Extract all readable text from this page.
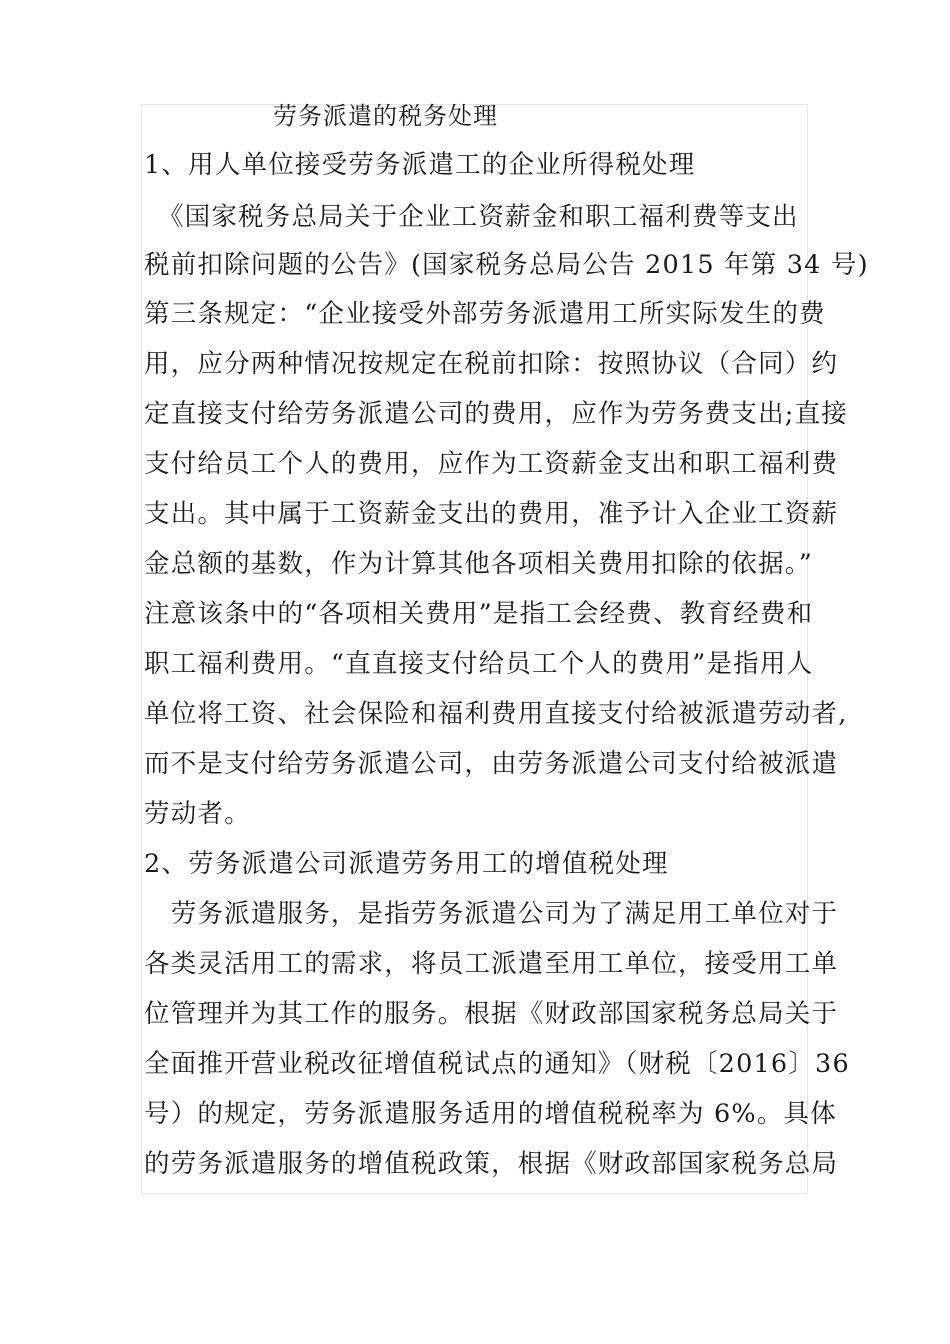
劳务派遣的税务处理
1、用人单位接受劳务派遣工的企业所得税处理
　《国家税务总局关于企业工资薪金和职工福利费等支出
税前扣除问题的公告》(国家税务总局公告 2015 年第 34 号)
第三条规定：“企业接受外部劳务派遣用工所实际发生的费
用，应分两种情况按规定在税前扣除：按照协议（合同）约
定直接支付给劳务派遣公司的费用，应作为劳务费支出;直接
支付给员工个人的费用，应作为工资薪金支出和职工福利费
支出。其中属于工资薪金支出的费用，准予计入企业工资薪
金总额的基数，作为计算其他各项相关费用扣除的依据。”
注意该条中的“各项相关费用”是指工会经费、教育经费和
职工福利费用。“直直接支付给员工个人的费用”是指用人
单位将工资、社会保险和福利费用直接支付给被派遣劳动者,
而不是支付给劳务派遣公司，由劳务派遣公司支付给被派遣
劳动者。
2、劳务派遣公司派遣劳务用工的增值税处理
　劳务派遣服务，是指劳务派遣公司为了满足用工单位对于
各类灵活用工的需求，将员工派遣至用工单位，接受用工单
位管理并为其工作的服务。根据《财政部国家税务总局关于
全面推开营业税改征增值税试点的通知》（财税〔2016〕36
号）的规定，劳务派遣服务适用的增值税税率为 6%。具体
的劳务派遣服务的增值税政策，根据《财政部国家税务总局
